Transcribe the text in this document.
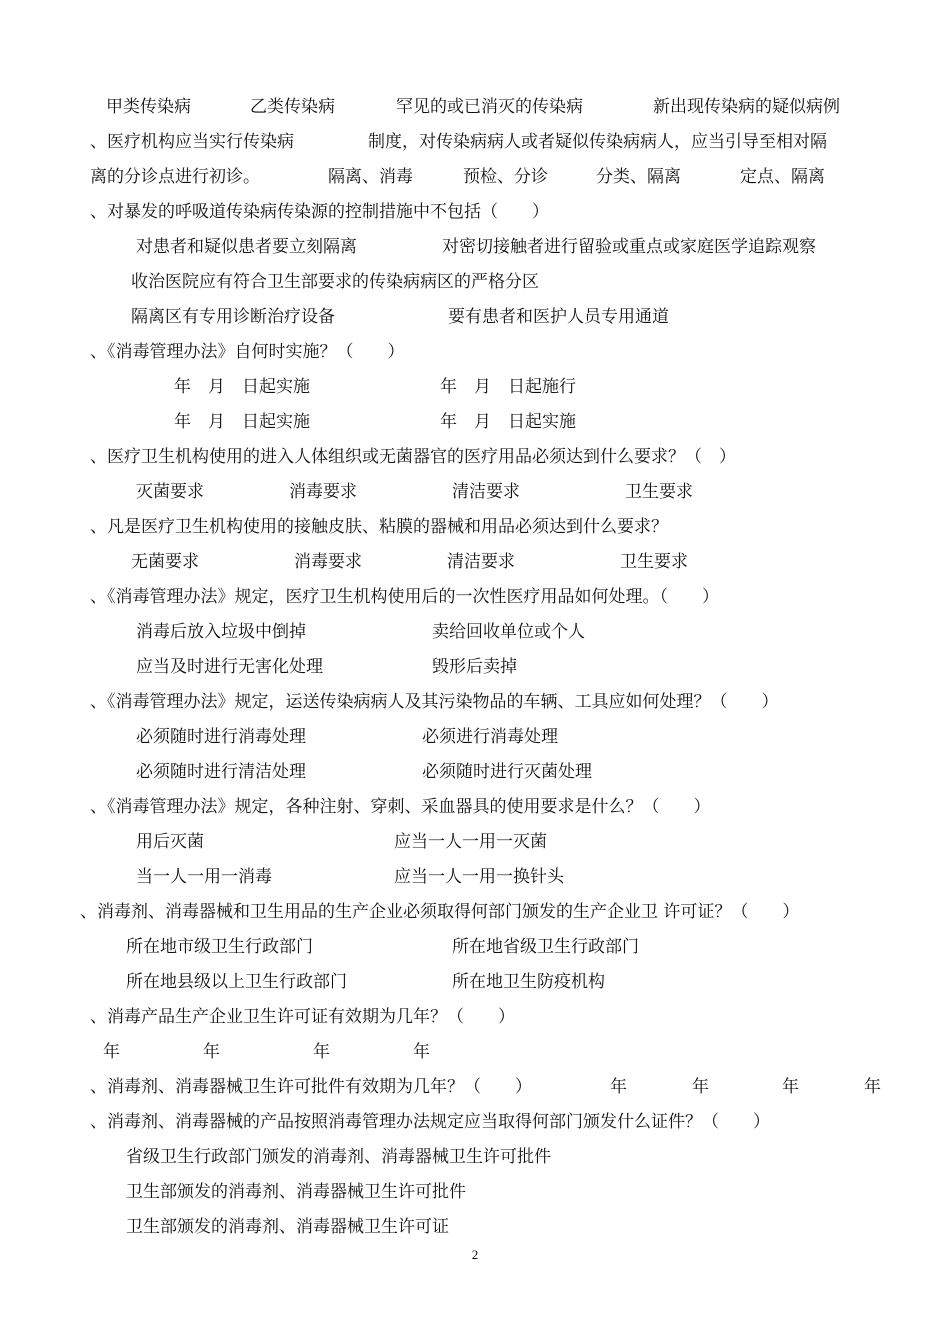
甲类传染病	乙类传染病	罕见的或已消灭的传染病	新出现传染病的疑似病例
、医疗机构应当实行传染病	制度，对传染病病人或者疑似传染病病人，应当引导至相对隔
离的分诊点进行初诊。	隔离、消毒	预检、分诊	分类、隔离	定点、隔离
、对暴发的呼吸道传染病传染源的控制措施中不包括（　　）
对患者和疑似患者要立刻隔离	对密切接触者进行留验或重点或家庭医学追踪观察
收治医院应有符合卫生部要求的传染病病区的严格分区
隔离区有专用诊断治疗设备	要有患者和医护人员专用通道
、《消毒管理办法》自何时实施？（　　）
年　月　日起实施	年　月　日起施行
年　月　日起实施	年　月　日起实施
、医疗卫生机构使用的进入人体组织或无菌器官的医疗用品必须达到什么要求？（　）
灭菌要求	消毒要求	清洁要求	卫生要求
、凡是医疗卫生机构使用的接触皮肤、粘膜的器械和用品必须达到什么要求？
无菌要求	消毒要求	清洁要求	卫生要求
、《消毒管理办法》规定，医疗卫生机构使用后的一次性医疗用品如何处理。（　　）
消毒后放入垃圾中倒掉	卖给回收单位或个人
应当及时进行无害化处理	毁形后卖掉
、《消毒管理办法》规定，运送传染病病人及其污染物品的车辆、工具应如何处理？（　　）
必须随时进行消毒处理	必须进行消毒处理
必须随时进行清洁处理	必须随时进行灭菌处理
、《消毒管理办法》规定，各种注射、穿刺、采血器具的使用要求是什么？（　　）
用后灭菌	应当一人一用一灭菌
当一人一用一消毒	应当一人一用一换针头
、消毒剂、消毒器械和卫生用品的生产企业必须取得何部门颁发的生产企业卫 许可证？（　　）
所在地市级卫生行政部门	所在地省级卫生行政部门
所在地县级以上卫生行政部门	所在地卫生防疫机构
、消毒产品生产企业卫生许可证有效期为几年？（　　）
年	年	年	年
、消毒剂、消毒器械卫生许可批件有效期为几年？（　　）	年	年	年	年
、消毒剂、消毒器械的产品按照消毒管理办法规定应当取得何部门颁发什么证件？（　　）
省级卫生行政部门颁发的消毒剂、消毒器械卫生许可批件
卫生部颁发的消毒剂、消毒器械卫生许可批件
卫生部颁发的消毒剂、消毒器械卫生许可证
2
